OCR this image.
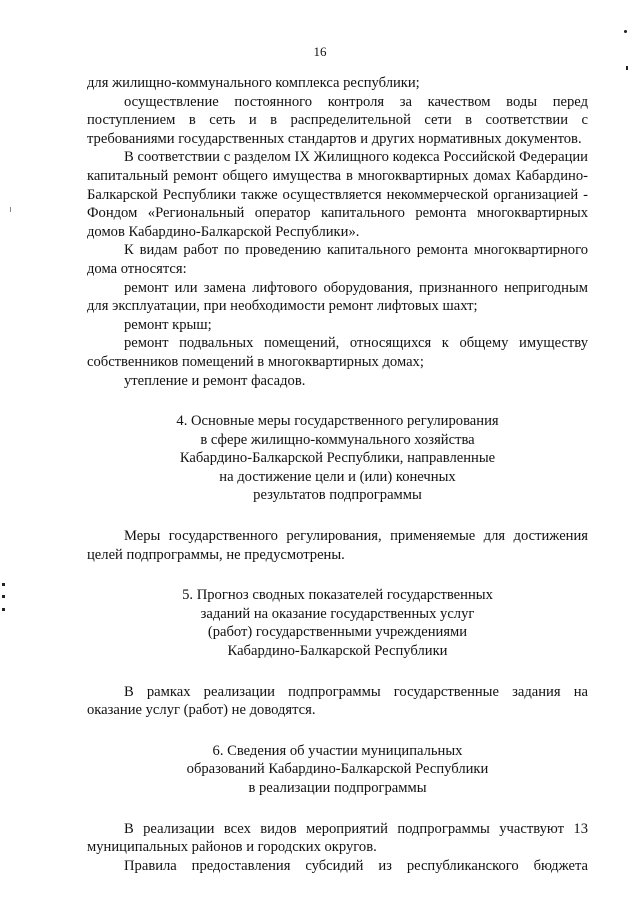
16

для жилищно-коммунального комплекса республики;

осуществление постоянного контроля за качеством воды перед поступлением в сеть и в распределительной сети в соответствии с требованиями государственных стандартов и других нормативных документов.

В соответствии с разделом IX Жилищного кодекса Российской Федерации капитальный ремонт общего имущества в многоквартирных домах Кабардино-Балкарской Республики также осуществляется некоммерческой организацией - Фондом «Региональный оператор капитального ремонта многоквартирных домов Кабардино-Балкарской Республики».

К видам работ по проведению капитального ремонта многоквартирного дома относятся:

ремонт или замена лифтового оборудования, признанного непригодным для эксплуатации, при необходимости ремонт лифтовых шахт;

ремонт крыш;

ремонт подвальных помещений, относящихся к общему имуществу собственников помещений в многоквартирных домах;

утепление и ремонт фасадов.

4. Основные меры государственного регулирования
в сфере жилищно-коммунального хозяйства
Кабардино-Балкарской Республики, направленные
на достижение цели и (или) конечных
результатов подпрограммы

Меры государственного регулирования, применяемые для достижения целей подпрограммы, не предусмотрены.

5. Прогноз сводных показателей государственных
заданий на оказание государственных услуг
(работ) государственными учреждениями
Кабардино-Балкарской Республики

В рамках реализации подпрограммы государственные задания на оказание услуг (работ) не доводятся.

6. Сведения об участии муниципальных
образований Кабардино-Балкарской Республики
в реализации подпрограммы

В реализации всех видов мероприятий подпрограммы участвуют 13 муниципальных районов и городских округов.

Правила предоставления субсидий из республиканского бюджета
